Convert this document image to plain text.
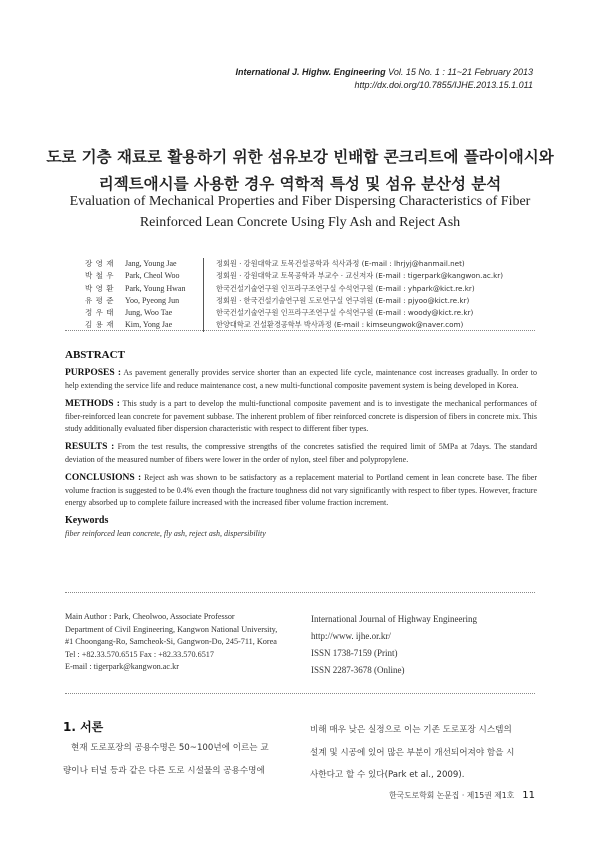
International J. Highw. Engineering Vol. 15 No. 1 : 11~21 February 2013
http://dx.doi.org/10.7855/IJHE.2013.15.1.011
도로 기층 재료로 활용하기 위한 섬유보강 빈배합 콘크리트에 플라이애시와
리젝트애시를 사용한 경우 역학적 특성 및 섬유 분산성 분석
Evaluation of Mechanical Properties and Fiber Dispersing Characteristics of Fiber
Reinforced Lean Concrete Using Fly Ash and Reject Ash
장 영 재	Jang, Young Jae	정회원 · 강원대학교 토목건설공학과 석사과정 (E-mail : lhrjyj@hanmail.net)
박 철 우	Park, Cheol Woo	정회원 · 강원대학교 토목공학과 부교수 · 교신저자 (E-mail : tigerpark@kangwon.ac.kr)
박 영 환	Park, Young Hwan	한국건설기술연구원 인프라구조연구실 수석연구원 (E-mail : yhpark@kict.re.kr)
유 평 준	Yoo, Pyeong Jun	정회원 · 한국건설기술연구원 도로연구실 연구위원 (E-mail : pjyoo@kict.re.kr)
정 우 태	Jung, Woo Tae	한국건설기술연구원 인프라구조연구실 수석연구원 (E-mail : woody@kict.re.kr)
김 용 재	Kim, Yong Jae	한양대학교 건설환경공학부 박사과정 (E-mail : kimseungwok@naver.com)
ABSTRACT

PURPOSES : As pavement generally provides service shorter than an expected life cycle, maintenance cost increases gradually. In order to help extending the service life and reduce maintenance cost, a new multi-functional composite pavement system is being developed in Korea.

METHODS : This study is a part to develop the multi-functional composite pavement and is to investigate the mechanical performances of fiber-reinforced lean concrete for pavement subbase. The inherent problem of fiber reinforced concrete is dispersion of fibers in concrete mix. This study additionally evaluated fiber dispersion characteristic with respect to different fiber types.

RESULTS : From the test results, the compressive strengths of the concretes satisfied the required limit of 5MPa at 7days. The standard deviation of the measured number of fibers were lower in the order of nylon, steel fiber and polypropylene.

CONCLUSIONS : Reject ash was shown to be satisfactory as a replacement material to Portland cement in lean concrete base. The fiber volume fraction is suggested to be 0.4% even though the fracture toughness did not vary significantly with respect to fiber types. However, fracture energy absorbed up to complete failure increased with the increased fiber volume fraction increment.

Keywords
fiber reinforced lean concrete, fly ash, reject ash, dispersibility
Main Author : Park, Cheolwoo, Associate Professor
Department of Civil Engineering, Kangwon National University,
#1 Choongang-Ro, Samcheok-Si, Gangwon-Do, 245-711, Korea
Tel : +82.33.570.6515 Fax : +82.33.570.6517
E-mail : tigerpark@kangwon.ac.kr
International Journal of Highway Engineering
http://www. ijhe.or.kr/
ISSN 1738-7159 (Print)
ISSN 2287-3678 (Online)
1. 서론
현재 도로포장의 공용수명은 50~100년에 이르는 교
량이나 터널 등과 같은 다른 도로 시설물의 공용수명에
비해 매우 낮은 실정으로 이는 기존 도로포장 시스템의
설계 및 시공에 있어 많은 부분이 개선되어져야 함을 시
사한다고 할 수 있다(Park et al., 2009).
한국도로학회 논문집 · 제15권 제1호 11
